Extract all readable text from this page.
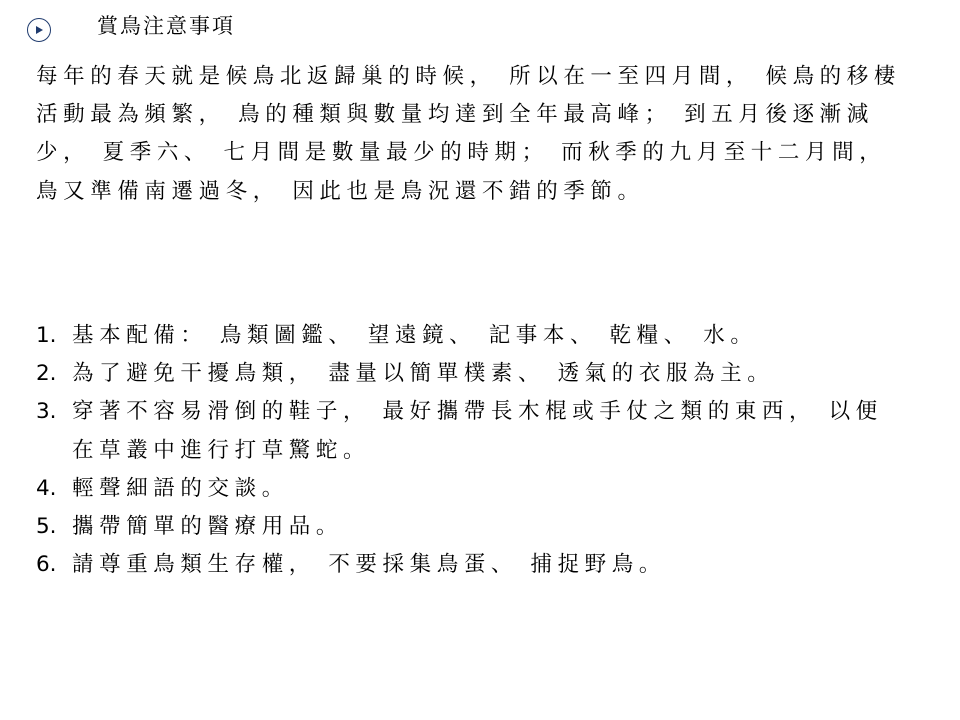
賞鳥注意事項

每年的春天就是候鳥北返歸巢的時候， 所以在一至四月間， 候鳥的移棲活動最為頻繁， 鳥的種類與數量均達到全年最高峰； 到五月後逐漸減少， 夏季六、 七月間是數量最少的時期； 而秋季的九月至十二月間， 鳥又準備南遷過冬， 因此也是鳥況還不錯的季節。

1. 基本配備： 鳥類圖鑑、 望遠鏡、 記事本、 乾糧、 水。
2. 為了避免干擾鳥類， 盡量以簡單樸素、 透氣的衣服為主。
3. 穿著不容易滑倒的鞋子， 最好攜帶長木棍或手仗之類的東西， 以便在草叢中進行打草驚蛇。
4. 輕聲細語的交談。
5. 攜帶簡單的醫療用品。
6. 請尊重鳥類生存權， 不要採集鳥蛋、 捕捉野鳥。
